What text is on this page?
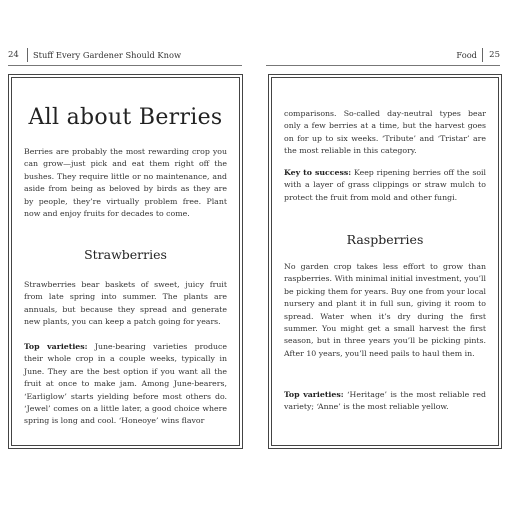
24 Stuff Every Gardener Should Know
All about Berries

Berries are probably the most rewarding crop you can grow—just pick and eat them right off the bushes. They require little or no maintenance, and aside from being as beloved by birds as they are by people, they’re virtually problem free. Plant now and enjoy fruits for decades to come.

Strawberries

Strawberries bear baskets of sweet, juicy fruit from late spring into summer. The plants are annuals, but because they spread and generate new plants, you can keep a patch going for years.

Top varieties: June-bearing varieties produce their whole crop in a couple weeks, typically in June. They are the best option if you want all the fruit at once to make jam. Among June-bearers, ‘Earliglow’ starts yielding before most others do. ‘Jewel’ comes on a little later, a good choice where spring is long and cool. ‘Honeoye’ wins flavor

Food 25

comparisons. So-called day-neutral types bear only a few berries at a time, but the harvest goes on for up to six weeks. ‘Tribute’ and ‘Tristar’ are the most reliable in this category.

Key to success: Keep ripening berries off the soil with a layer of grass clippings or straw mulch to protect the fruit from mold and other fungi.

Raspberries

No garden crop takes less effort to grow than raspberries. With minimal initial investment, you’ll be picking them for years. Buy one from your local nursery and plant it in full sun, giving it room to spread. Water when it’s dry during the first summer. You might get a small harvest the first season, but in three years you’ll be picking pints. After 10 years, you’ll need pails to haul them in.

Top varieties: ‘Heritage’ is the most reliable red variety; ‘Anne’ is the most reliable yellow.
